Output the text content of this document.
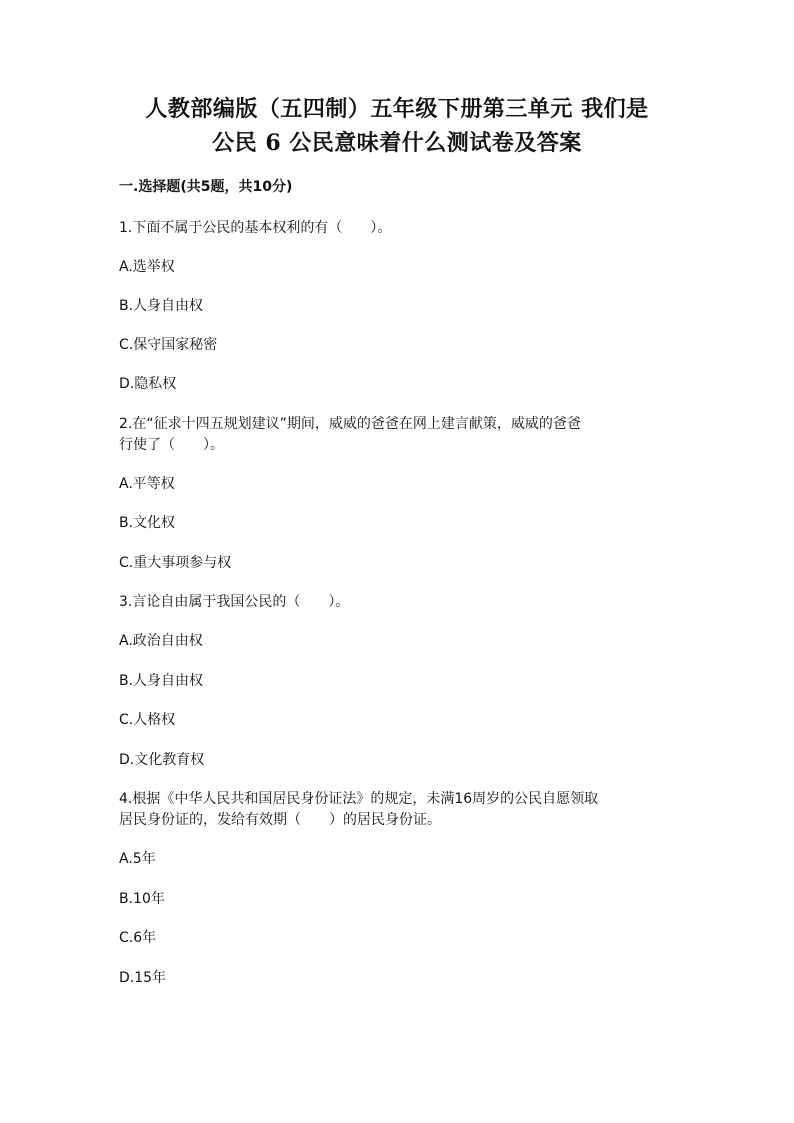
人教部编版（五四制）五年级下册第三单元 我们是
公民 6 公民意味着什么测试卷及答案
一.选择题(共5题，共10分)
1.下面不属于公民的基本权利的有（　　）。
A.选举权
B.人身自由权
C.保守国家秘密
D.隐私权
2.在“征求十四五规划建议”期间，威威的爸爸在网上建言献策，威威的爸爸
行使了（　　）。
A.平等权
B.文化权
C.重大事项参与权
3.言论自由属于我国公民的（　　）。
A.政治自由权
B.人身自由权
C.人格权
D.文化教育权
4.根据《中华人民共和国居民身份证法》的规定，未满16周岁的公民自愿领取
居民身份证的，发给有效期（　　）的居民身份证。
A.5年
B.10年
C.6年
D.15年
